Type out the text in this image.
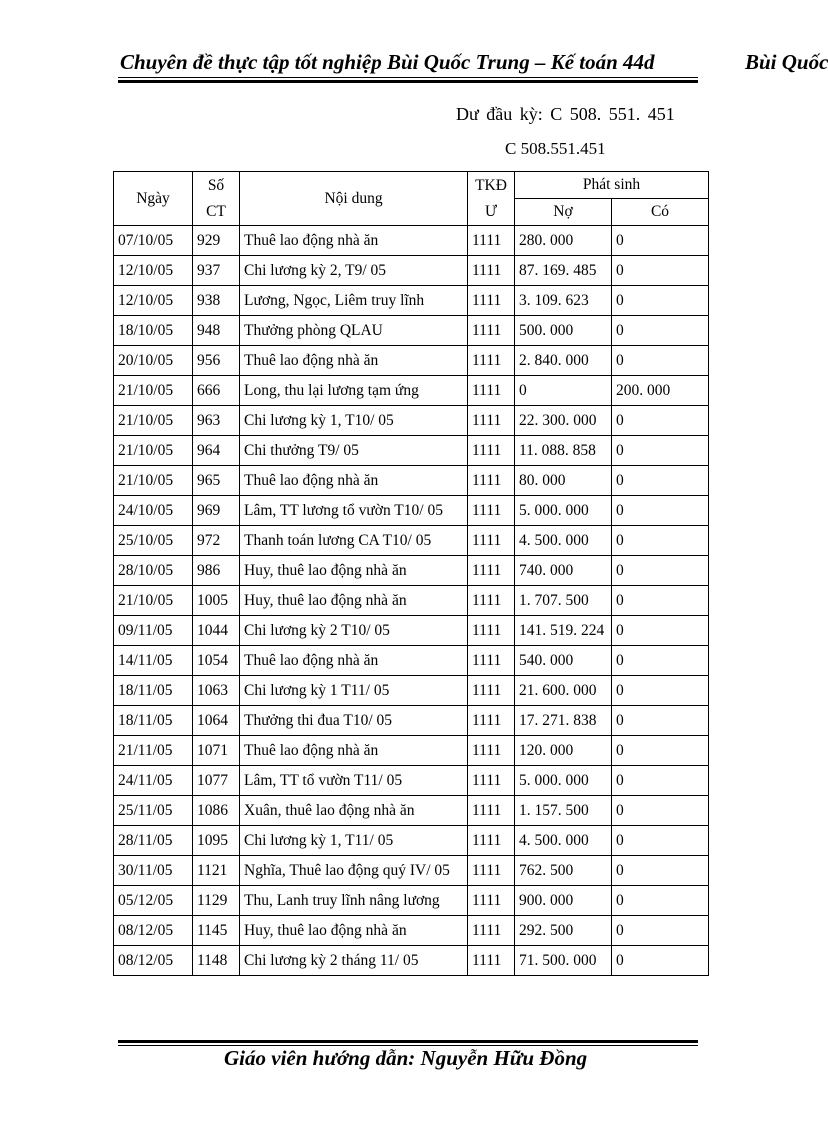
Chuyên đề thực tập tốt nghiệp Bùi Quốc Trung – Kế toán 44d	Bùi Quốc
Dư đầu kỳ: C 508. 551. 451
C 508.551.451
Ngày	Số CT	Nội dung	TKĐ Ư	Phát sinh	
				Nợ	Có
07/10/05	929	Thuê lao động nhà ăn	1111	280. 000	0
12/10/05	937	Chi lương kỳ 2, T9/ 05	1111	87. 169. 485	0
12/10/05	938	Lương, Ngọc, Liêm truy lĩnh	1111	3. 109. 623	0
18/10/05	948	Thưởng phòng QLAU	1111	500. 000	0
20/10/05	956	Thuê lao động nhà ăn	1111	2. 840. 000	0
21/10/05	666	Long, thu lại lương tạm ứng	1111	0	200. 000
21/10/05	963	Chi lương kỳ 1, T10/ 05	1111	22. 300. 000	0
21/10/05	964	Chi thưởng T9/ 05	1111	11. 088. 858	0
21/10/05	965	Thuê lao động nhà ăn	1111	80. 000	0
24/10/05	969	Lâm, TT lương tổ vườn T10/ 05	1111	5. 000. 000	0
25/10/05	972	Thanh toán lương CA T10/ 05	1111	4. 500. 000	0
28/10/05	986	Huy, thuê lao động nhà ăn	1111	740. 000	0
21/10/05	1005	Huy, thuê lao động nhà ăn	1111	1. 707. 500	0
09/11/05	1044	Chi lương kỳ 2 T10/ 05	1111	141. 519. 224	0
14/11/05	1054	Thuê lao động nhà ăn	1111	540. 000	0
18/11/05	1063	Chi lương kỳ 1 T11/ 05	1111	21. 600. 000	0
18/11/05	1064	Thưởng thi đua T10/ 05	1111	17. 271. 838	0
21/11/05	1071	Thuê lao động nhà ăn	1111	120. 000	0
24/11/05	1077	Lâm, TT tổ vườn T11/ 05	1111	5. 000. 000	0
25/11/05	1086	Xuân, thuê lao động nhà ăn	1111	1. 157. 500	0
28/11/05	1095	Chi lương kỳ 1, T11/ 05	1111	4. 500. 000	0
30/11/05	1121	Nghĩa, Thuê lao động quý IV/ 05	1111	762. 500	0
05/12/05	1129	Thu, Lanh truy lĩnh nâng lương	1111	900. 000	0
08/12/05	1145	Huy, thuê lao động nhà ăn	1111	292. 500	0
08/12/05	1148	Chi lương kỳ 2 tháng 11/ 05	1111	71. 500. 000	0
Giáo viên hướng dẫn: Nguyễn Hữu Đồng
